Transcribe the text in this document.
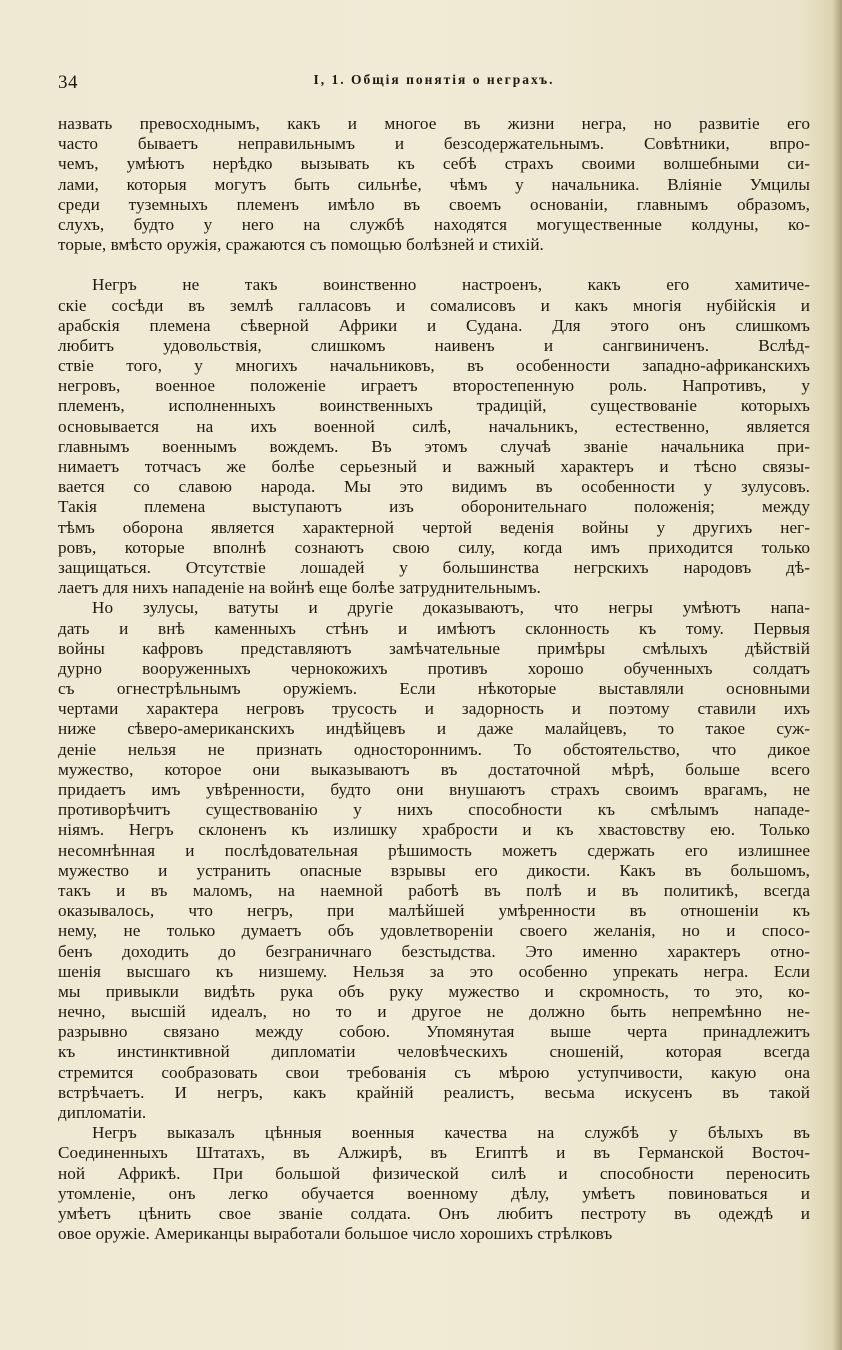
34	I, 1. Общія понятія о неграхъ.
назвать превосходнымъ, какъ и многое въ жизни негра, но развитіе его
часто бываетъ неправильнымъ и безсодержательнымъ. Совѣтники, впро-
чемъ, умѣютъ нерѣдко вызывать къ себѣ страхъ своими волшебными си-
лами, которыя могутъ быть сильнѣе, чѣмъ у начальника. Вліяніе Умцилы
среди туземныхъ племенъ имѣло въ своемъ основаніи, главнымъ образомъ,
слухъ, будто у него на службѣ находятся могущественные колдуны, ко-
торые, вмѣсто оружія, сражаются съ помощью болѣзней и стихій.
Негръ не такъ воинственно настроенъ, какъ его хамитиче-
скіе сосѣди въ землѣ галласовъ и сомалисовъ и какъ многія нубійскія и
арабскія племена сѣверной Африки и Судана. Для этого онъ слишкомъ
любитъ удовольствія, слишкомъ наивенъ и сангвиниченъ. Вслѣд-
ствіе того, у многихъ начальниковъ, въ особенности западно-африканскихъ
негровъ, военное положеніе играетъ второстепенную роль. Напротивъ, у
племенъ, исполненныхъ воинственныхъ традицій, существованіе которыхъ
основывается на ихъ военной силѣ, начальникъ, естественно, является
главнымъ военнымъ вождемъ. Въ этомъ случаѣ званіе начальника при-
нимаетъ тотчасъ же болѣе серьезный и важный характеръ и тѣсно связы-
вается со славою народа. Мы это видимъ въ особенности у зулусовъ.
Такія племена выступаютъ изъ оборонительнаго положенія; между
тѣмъ оборона является характерной чертой веденія войны у другихъ нег-
ровъ, которые вполнѣ сознаютъ свою силу, когда имъ приходится только
защищаться. Отсутствіе лошадей у большинства негрскихъ народовъ дѣ-
лаетъ для нихъ нападеніе на войнѣ еще болѣе затруднительнымъ.
Но зулусы, ватуты и другіе доказываютъ, что негры умѣютъ напа-
дать и внѣ каменныхъ стѣнъ и имѣютъ склонность къ тому. Первыя
войны кафровъ представляютъ замѣчательные примѣры смѣлыхъ дѣйствій
дурно вооруженныхъ чернокожихъ противъ хорошо обученныхъ солдатъ
съ огнестрѣльнымъ оружіемъ. Если нѣкоторые выставляли основными
чертами характера негровъ трусость и задорность и поэтому ставили ихъ
ниже сѣверо-американскихъ индѣйцевъ и даже малайцевъ, то такое суж-
деніе нельзя не признать одностороннимъ. То обстоятельство, что дикое
мужество, которое они выказываютъ въ достаточной мѣрѣ, больше всего
придаетъ имъ увѣренности, будто они внушаютъ страхъ своимъ врагамъ, не
противорѣчитъ существованію у нихъ способности къ смѣлымъ нападе-
ніямъ. Негръ склоненъ къ излишку храбрости и къ хвастовству ею. Только
несомнѣнная и послѣдовательная рѣшимость можетъ сдержать его излишнее
мужество и устранить опасные взрывы его дикости. Какъ въ большомъ,
такъ и въ маломъ, на наемной работѣ въ полѣ и въ политикѣ, всегда
оказывалось, что негръ, при малѣйшей умѣренности въ отношеніи къ
нему, не только думаетъ объ удовлетвореніи своего желанія, но и спосо-
бенъ доходить до безграничнаго безстыдства. Это именно характеръ отно-
шенія высшаго къ низшему. Нельзя за это особенно упрекать негра. Если
мы привыкли видѣть рука объ руку мужество и скромность, то это, ко-
нечно, высшій идеалъ, но то и другое не должно быть непремѣнно не-
разрывно связано между собою. Упомянутая выше черта принадлежитъ
къ инстинктивной дипломатіи человѣческихъ сношеній, которая всегда
стремится сообразовать свои требованія съ мѣрою уступчивости, какую она
встрѣчаетъ. И негръ, какъ крайній реалистъ, весьма искусенъ въ такой
дипломатіи.
Негръ выказалъ цѣнныя военныя качества на службѣ у бѣлыхъ въ
Соединенныхъ Штатахъ, въ Алжирѣ, въ Египтѣ и въ Германской Восточ-
ной Африкѣ. При большой физической силѣ и способности переносить
утомленіе, онъ легко обучается военному дѣлу, умѣетъ повиноваться и
умѣетъ цѣнить свое званіе солдата. Онъ любитъ пестроту въ одеждѣ и
овое оружіе. Американцы выработали большое число хорошихъ стрѣлковъ
